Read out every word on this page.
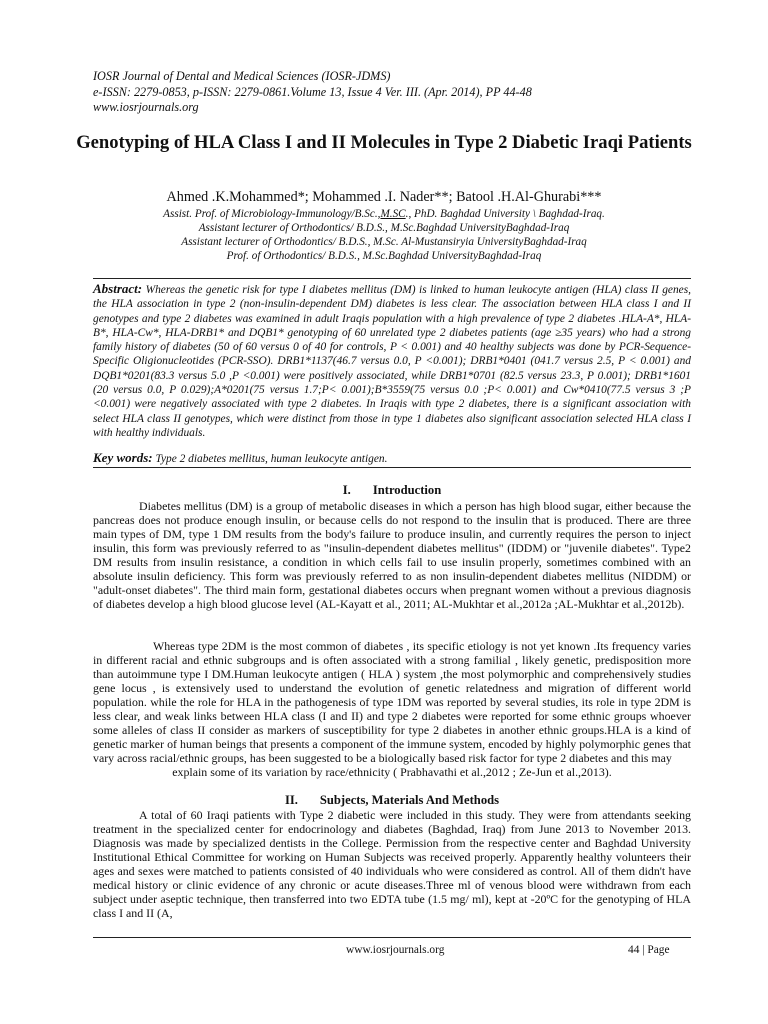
IOSR Journal of Dental and Medical Sciences (IOSR-JDMS)
e-ISSN: 2279-0853, p-ISSN: 2279-0861.Volume 13, Issue 4 Ver. III. (Apr. 2014), PP 44-48
www.iosrjournals.org
Genotyping of HLA Class I and II Molecules in Type 2 Diabetic Iraqi Patients
Ahmed .K.Mohammed*; Mohammed .I. Nader**; Batool .H.Al-Ghurabi***
Assist. Prof. of Microbiology-Immunology/B.Sc.,M.SC., PhD. Baghdad University \ Baghdad-Iraq.
Assistant lecturer of Orthodontics/ B.D.S., M.Sc.Baghdad UniversityBaghdad-Iraq
Assistant lecturer of Orthodontics/ B.D.S., M.Sc. Al-Mustansiryia UniversityBaghdad-Iraq
Prof. of Orthodontics/ B.D.S., M.Sc.Baghdad UniversityBaghdad-Iraq
Abstract: Whereas the genetic risk for type I diabetes mellitus (DM) is linked to human leukocyte antigen (HLA) class II genes, the HLA association in type 2 (non-insulin-dependent DM) diabetes is less clear. The association between HLA class I and II genotypes and type 2 diabetes was examined in adult Iraqis population with a high prevalence of type 2 diabetes .HLA-A*, HLA-B*, HLA-Cw*, HLA-DRB1* and DQB1* genotyping of 60 unrelated type 2 diabetes patients (age ≥35 years) who had a strong family history of diabetes (50 of 60 versus 0 of 40 for controls, P < 0.001) and 40 healthy subjects was done by PCR-Sequence-Specific Oligionucleotides (PCR-SSO). DRB1*1137(46.7 versus 0.0, P <0.001); DRB1*0401 (041.7 versus 2.5, P < 0.001) and DQB1*0201(83.3 versus 5.0 ,P <0.001) were positively associated, while DRB1*0701 (82.5 versus 23.3, P 0.001); DRB1*1601 (20 versus 0.0, P 0.029);A*0201(75 versus 1.7;P< 0.001);B*3559(75 versus 0.0 ;P< 0.001) and Cw*0410(77.5 versus 3 ;P <0.001) were negatively associated with type 2 diabetes. In Iraqis with type 2 diabetes, there is a significant association with select HLA class II genotypes, which were distinct from those in type 1 diabetes also significant association selected HLA class I with healthy individuals.
Key words: Type 2 diabetes mellitus, human leukocyte antigen.
I. Introduction
Diabetes mellitus (DM) is a group of metabolic diseases in which a person has high blood sugar, either because the pancreas does not produce enough insulin, or because cells do not respond to the insulin that is produced. There are three main types of DM, type 1 DM results from the body's failure to produce insulin, and currently requires the person to inject insulin, this form was previously referred to as "insulin-dependent diabetes mellitus" (IDDM) or "juvenile diabetes". Type2 DM results from insulin resistance, a condition in which cells fail to use insulin properly, sometimes combined with an absolute insulin deficiency. This form was previously referred to as non insulin-dependent diabetes mellitus (NIDDM) or "adult-onset diabetes". The third main form, gestational diabetes occurs when pregnant women without a previous diagnosis of diabetes develop a high blood glucose level (AL-Kayatt et al., 2011; AL-Mukhtar et al.,2012a ;AL-Mukhtar et al.,2012b).
Whereas type 2DM is the most common of diabetes , its specific etiology is not yet known .Its frequency varies in different racial and ethnic subgroups and is often associated with a strong familial , likely genetic, predisposition more than autoimmune type I DM.Human leukocyte antigen ( HLA ) system ,the most polymorphic and comprehensively studies gene locus , is extensively used to understand the evolution of genetic relatedness and migration of different world population. while the role for HLA in the pathogenesis of type 1DM was reported by several studies, its role in type 2DM is less clear, and weak links between HLA class (I and II) and type 2 diabetes were reported for some ethnic groups whoever some alleles of class II consider as markers of susceptibility for type 2 diabetes in another ethnic groups.HLA is a kind of genetic marker of human beings that presents a component of the immune system, encoded by highly polymorphic genes that vary across racial/ethnic groups, has been suggested to be a biologically based risk factor for type 2 diabetes and this may
explain some of its variation by race/ethnicity ( Prabhavathi et al.,2012 ; Ze-Jun et al.,2013).
II. Subjects, Materials And Methods
A total of 60 Iraqi patients with Type 2 diabetic were included in this study. They were from attendants seeking treatment in the specialized center for endocrinology and diabetes (Baghdad, Iraq) from June 2013 to November 2013. Diagnosis was made by specialized dentists in the College. Permission from the respective center and Baghdad University Institutional Ethical Committee for working on Human Subjects was received properly. Apparently healthy volunteers their ages and sexes were matched to patients consisted of 40 individuals who were considered as control. All of them didn't have medical history or clinic evidence of any chronic or acute diseases.Three ml of venous blood were withdrawn from each subject under aseptic technique, then transferred into two EDTA tube (1.5 mg/ ml), kept at -20ºC for the genotyping of HLA class I and II (A,
www.iosrjournals.org	44 | Page
